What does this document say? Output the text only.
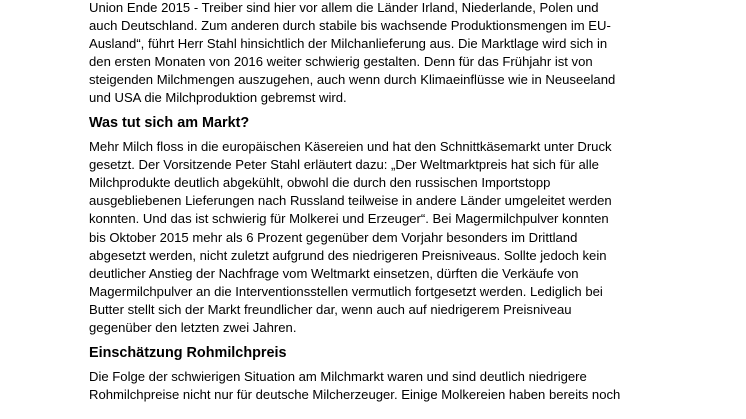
Union Ende 2015 - Treiber sind hier vor allem die Länder Irland, Niederlande, Polen und
auch Deutschland. Zum anderen durch stabile bis wachsende Produktionsmengen im EU-
Ausland“, führt Herr Stahl hinsichtlich der Milchanlieferung aus. Die Marktlage wird sich in
den ersten Monaten von 2016 weiter schwierig gestalten. Denn für das Frühjahr ist von
steigenden Milchmengen auszugehen, auch wenn durch Klimaeinflüsse wie in Neuseeland
und USA die Milchproduktion gebremst wird.

Was tut sich am Markt?

Mehr Milch floss in die europäischen Käsereien und hat den Schnittkäsemarkt unter Druck
gesetzt. Der Vorsitzende Peter Stahl erläutert dazu: „Der Weltmarktpreis hat sich für alle
Milchprodukte deutlich abgekühlt, obwohl die durch den russischen Importstopp
ausgebliebenen Lieferungen nach Russland teilweise in andere Länder umgeleitet werden
konnten. Und das ist schwierig für Molkerei und Erzeuger“. Bei Magermilchpulver konnten
bis Oktober 2015 mehr als 6 Prozent gegenüber dem Vorjahr besonders im Drittland
abgesetzt werden, nicht zuletzt aufgrund des niedrigeren Preisniveaus. Sollte jedoch kein
deutlicher Anstieg der Nachfrage vom Weltmarkt einsetzen, dürften die Verkäufe von
Magermilchpulver an die Interventionsstellen vermutlich fortgesetzt werden. Lediglich bei
Butter stellt sich der Markt freundlicher dar, wenn auch auf niedrigerem Preisniveau
gegenüber den letzten zwei Jahren.

Einschätzung Rohmilchpreis

Die Folge der schwierigen Situation am Milchmarkt waren und sind deutlich niedrigere
Rohmilchpreise nicht nur für deutsche Milcherzeuger. Einige Molkereien haben bereits noch
